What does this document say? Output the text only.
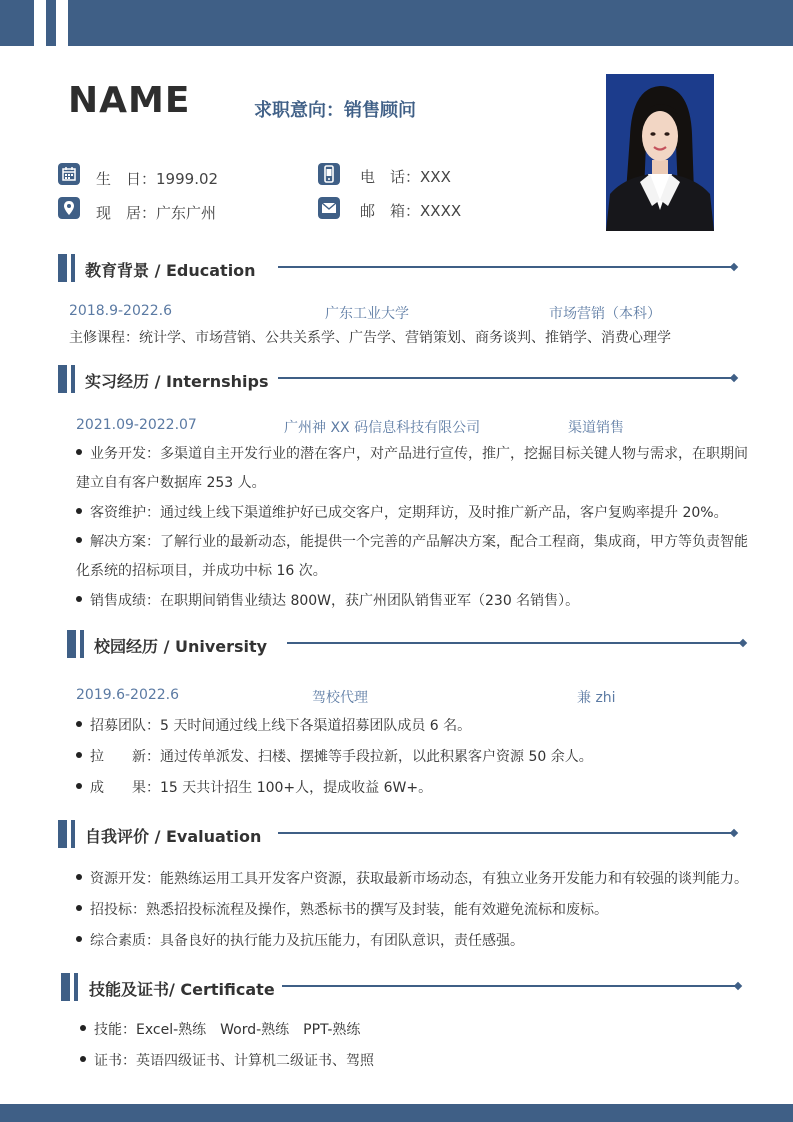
NAME	求职意向：销售顾问
生　日：1999.02
现　居：广东广州
电　话：XXX
邮　箱：XXXX
教育背景 / Education
2018.9-2022.6	广东工业大学	市场营销（本科）
主修课程：统计学、市场营销、公共关系学、广告学、营销策划、商务谈判、推销学、消费心理学
实习经历 / Internships
2021.09-2022.07	广州神 XX 码信息科技有限公司	渠道销售
业务开发：多渠道自主开发行业的潜在客户，对产品进行宣传，推广，挖掘目标关键人物与需求，在职期间建立自有客户数据库 253 人。
客资维护：通过线上线下渠道维护好已成交客户，定期拜访，及时推广新产品，客户复购率提升 20%。
解决方案：了解行业的最新动态，能提供一个完善的产品解决方案，配合工程商，集成商，甲方等负责智能化系统的招标项目，并成功中标 16 次。
销售成绩：在职期间销售业绩达 800W，获广州团队销售亚军（230 名销售）。
校园经历 / University
2019.6-2022.6	驾校代理	兼 zhi
招募团队：5 天时间通过线上线下各渠道招募团队成员 6 名。
拉　　新：通过传单派发、扫楼、摆摊等手段拉新，以此积累客户资源 50 余人。
成　　果：15 天共计招生 100+人，提成收益 6W+。
自我评价 / Evaluation
资源开发：能熟练运用工具开发客户资源，获取最新市场动态，有独立业务开发能力和有较强的谈判能力。
招投标：熟悉招投标流程及操作，熟悉标书的撰写及封装，能有效避免流标和废标。
综合素质：具备良好的执行能力及抗压能力，有团队意识，责任感强。
技能及证书/ Certificate
技能：Excel-熟练　Word-熟练　PPT-熟练
证书：英语四级证书、计算机二级证书、驾照
